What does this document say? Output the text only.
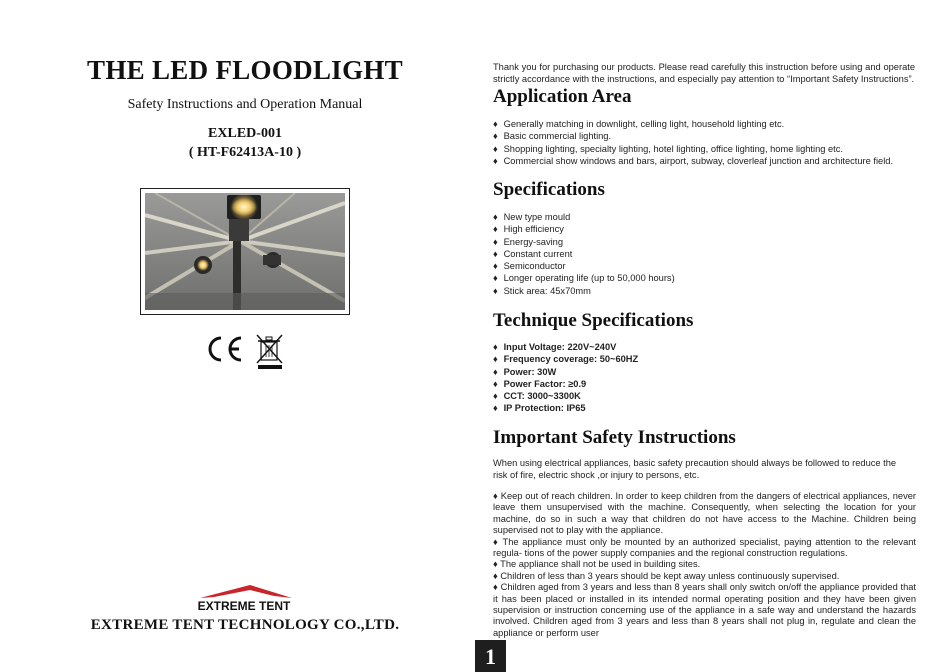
THE LED FLOODLIGHT
Safety Instructions and Operation Manual
EXLED-001
( HT-F62413A-10 )
EXTREME TENT
EXTREME TENT TECHNOLOGY CO.,LTD.

Thank you for purchasing our products. Please read carefully this instruction before using and operate strictly accordance with the instructions, and especially pay attention to “Important Safety Instructions”.

Application Area
♦ Generally matching in downlight, celling light, household lighting etc.
♦ Basic commercial lighting.
♦ Shopping lighting, specialty lighting, hotel lighting, office lighting, home lighting etc.
♦ Commercial show windows and bars, airport, subway, cloverleaf junction and architecture field.
Specifications
♦ New type mould
♦ High efficiency
♦ Energy-saving
♦ Constant current
♦ Semiconductor
♦ Longer operating life (up to 50,000 hours)
♦ Stick area: 45x70mm
Technique Specifications
♦ Input Voltage: 220V~240V
♦ Frequency coverage: 50~60HZ
♦ Power: 30W
♦ Power Factor: ≥0.9
♦ CCT: 3000~3300K
♦ IP Protection: IP65
Important Safety Instructions

When using electrical appliances, basic safety precaution should always be followed to reduce the risk of fire, electric shock ,or injury to persons, etc.

♦ Keep out of reach children. In order to keep children from the dangers of electrical appliances, never leave them unsupervised with the machine. Consequently, when selecting the location for your machine, do so in such a way that children do not have access to the Machine. Children being supervised not to play with the appliance.

♦ The appliance must only be mounted by an authorized specialist, paying attention to the relevant regula- tions of the power supply companies and the regional construction regulations.

♦ The appliance shall not be used in building sites.

♦ Children of less than 3 years should be kept away unless continuously supervised.

♦ Children aged from 3 years and less than 8 years shall only switch on/off the appliance provided that it has been placed or installed in its intended normal operating position and they have been given supervision or instruction concerning use of the appliance in a safe way and understand the hazards involved. Children aged from 3 years and less than 8 years shall not plug in, regulate and clean the appliance or perform user

1
